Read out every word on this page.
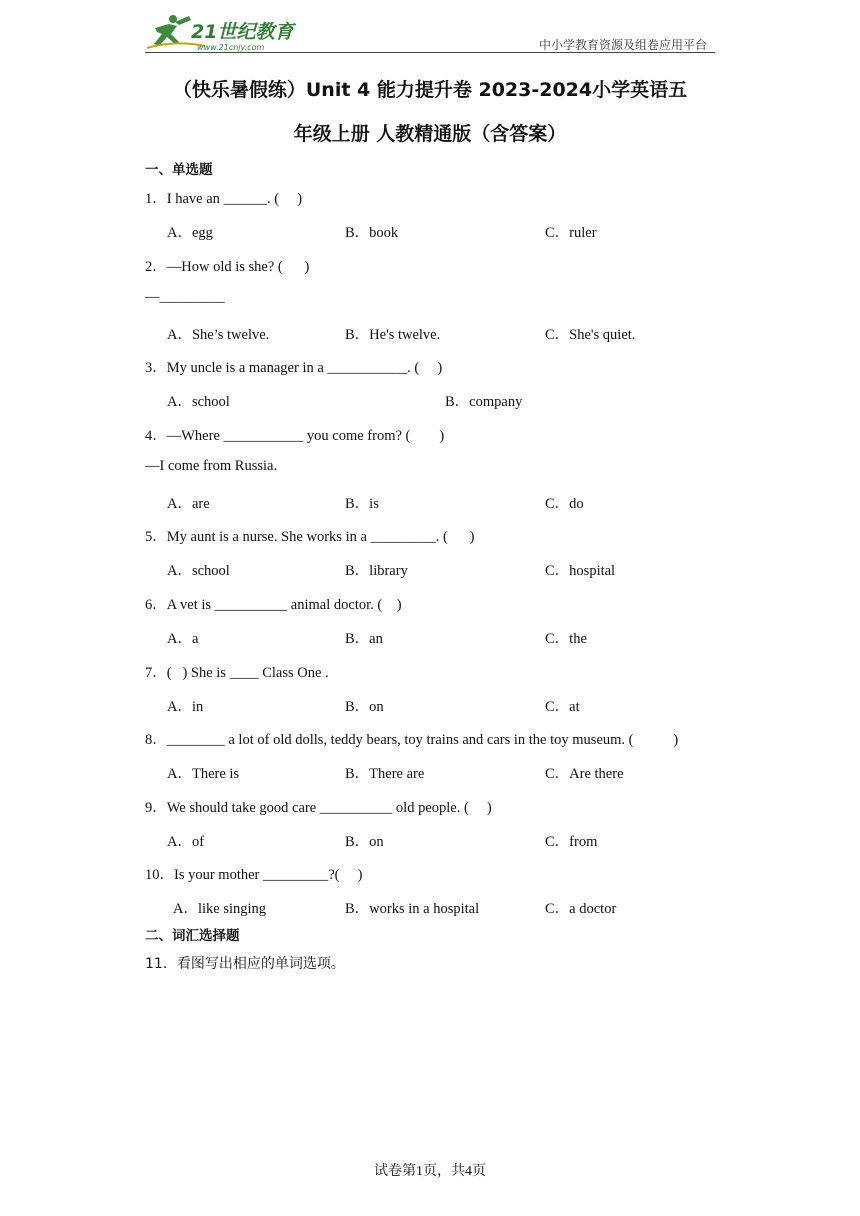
21世纪教育
www.21cnjy.com	中小学教育资源及组卷应用平台
（快乐暑假练）Unit 4 能力提升卷 2023-2024小学英语五
年级上册 人教精通版（含答案）
一、单选题
1．I have an ______. (     )
A．egg	B．book	C．ruler
2．—How old is she? (      )
—_________
A．She’s twelve.	B．He's twelve.	C．She's quiet.
3．My uncle is a manager in a ___________. (     )
A．school	B．company
4．—Where ___________ you come from? (        )
—I come from Russia.
A．are	B．is	C．do
5．My aunt is a nurse. She works in a _________. (      )
A．school	B．library	C．hospital
6．A vet is __________ animal doctor. (    )
A．a	B．an	C．the
7．(   ) She is ____ Class One .
A．in	B．on	C．at
8．________ a lot of old dolls, teddy bears, toy trains and cars in the toy museum. (           )
A．There is	B．There are	C．Are there
9．We should take good care __________ old people. (     )
A．of	B．on	C．from
10．Is your mother _________?(     )
A．like singing	B．works in a hospital	C．a doctor
二、词汇选择题
11．看图写出相应的单词选项。
试卷第1页，共4页
